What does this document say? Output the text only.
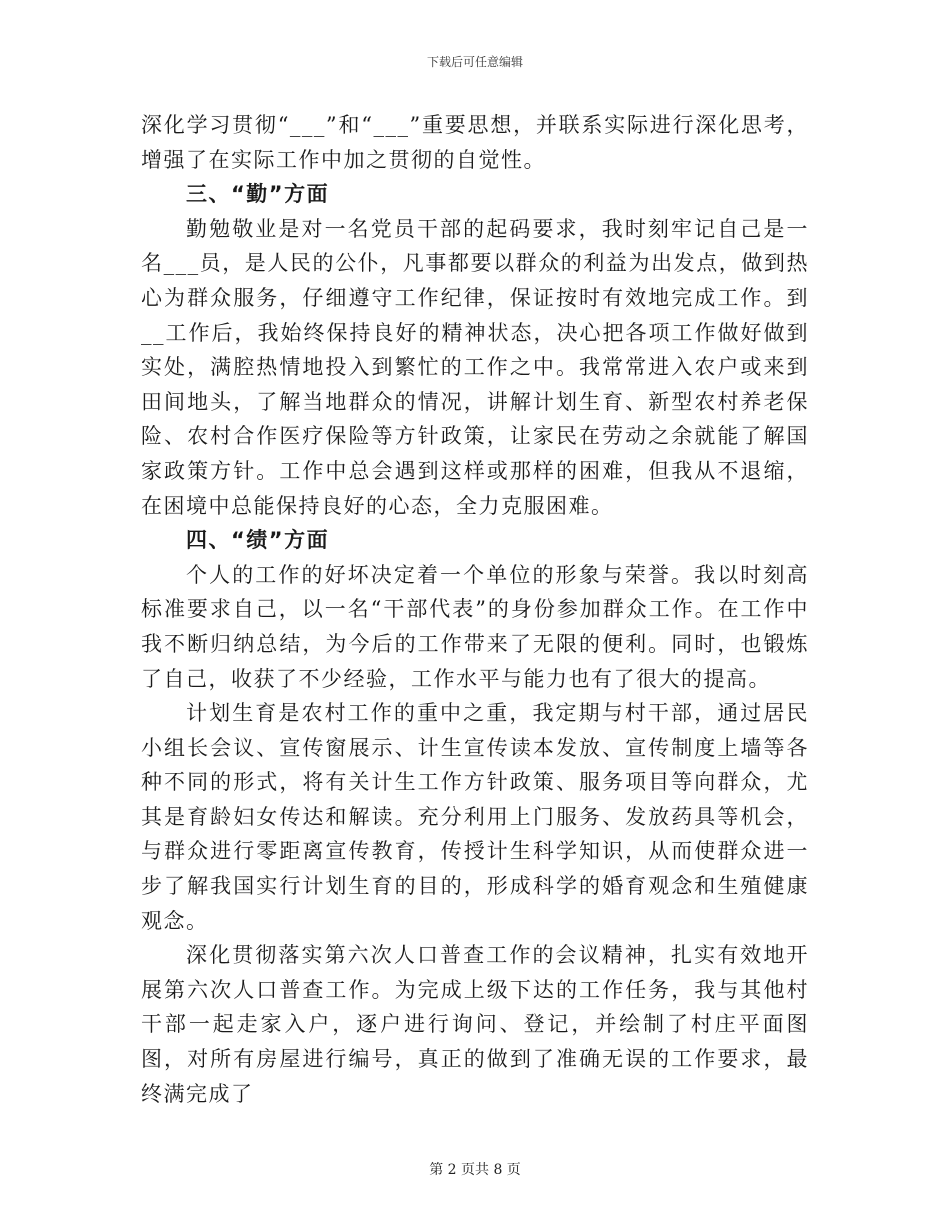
下载后可任意编辑

深化学习贯彻“___”和“___”重要思想，并联系实际进行深化思考，增强了在实际工作中加之贯彻的自觉性。

三、“勤”方面

勤勉敬业是对一名党员干部的起码要求，我时刻牢记自己是一名___员，是人民的公仆，凡事都要以群众的利益为出发点，做到热心为群众服务，仔细遵守工作纪律，保证按时有效地完成工作。到__工作后，我始终保持良好的精神状态，决心把各项工作做好做到实处，满腔热情地投入到繁忙的工作之中。我常常进入农户或来到田间地头，了解当地群众的情况，讲解计划生育、新型农村养老保险、农村合作医疗保险等方针政策，让家民在劳动之余就能了解国家政策方针。工作中总会遇到这样或那样的困难，但我从不退缩，在困境中总能保持良好的心态，全力克服困难。

四、“绩”方面

个人的工作的好坏决定着一个单位的形象与荣誉。我以时刻高标准要求自己，以一名“干部代表”的身份参加群众工作。在工作中我不断归纳总结，为今后的工作带来了无限的便利。同时，也锻炼了自己，收获了不少经验，工作水平与能力也有了很大的提高。

计划生育是农村工作的重中之重，我定期与村干部，通过居民小组长会议、宣传窗展示、计生宣传读本发放、宣传制度上墙等各种不同的形式，将有关计生工作方针政策、服务项目等向群众，尤其是育龄妇女传达和解读。充分利用上门服务、发放药具等机会，与群众进行零距离宣传教育，传授计生科学知识，从而使群众进一步了解我国实行计划生育的目的，形成科学的婚育观念和生殖健康观念。

深化贯彻落实第六次人口普查工作的会议精神，扎实有效地开展第六次人口普查工作。为完成上级下达的工作任务，我与其他村干部一起走家入户，逐户进行询问、登记，并绘制了村庄平面图图，对所有房屋进行编号，真正的做到了准确无误的工作要求，最终满完成了

第 2 页共 8 页
